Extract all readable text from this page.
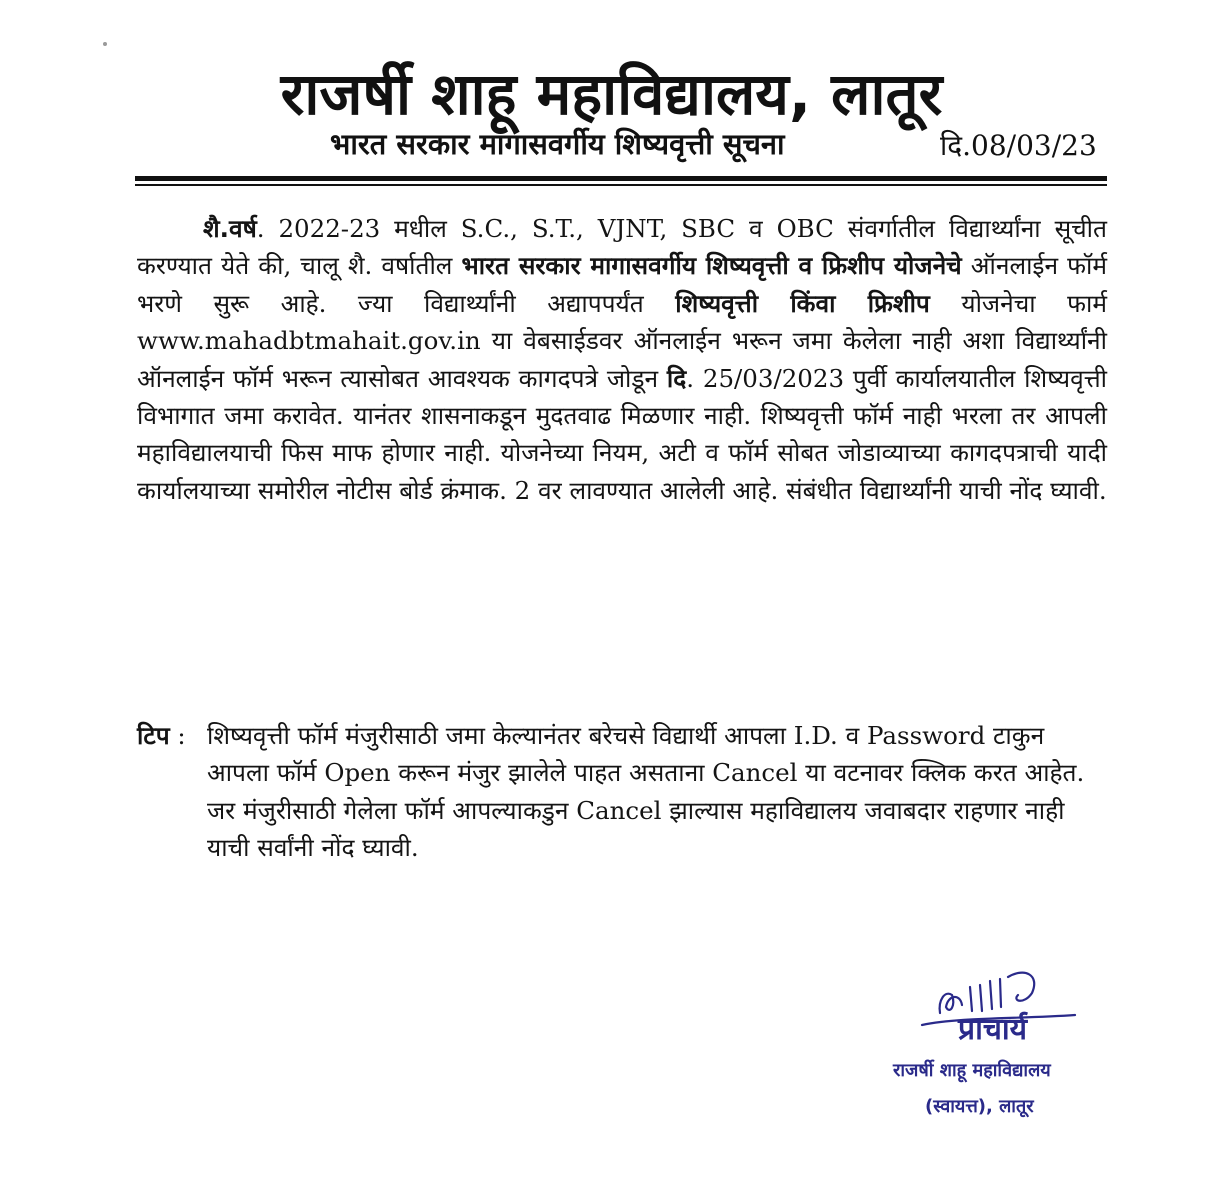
राजर्षी शाहू महाविद्यालय, लातूर
भारत सरकार मागासवर्गीय शिष्यवृत्ती सूचना	दि.08/03/23
शै.वर्ष. 2022-23 मधील S.C., S.T., VJNT, SBC व OBC संवर्गातील विद्यार्थ्यांना सूचीत करण्यात येते की, चालू शै. वर्षातील भारत सरकार मागासवर्गीय शिष्यवृत्ती व फ्रिशीप योजनेचे ऑनलाईन फॉर्म भरणे सुरू आहे. ज्या विद्यार्थ्यांनी अद्यापपर्यंत शिष्यवृत्ती किंवा फ्रिशीप योजनेचा फार्म www.mahadbtmahait.gov.in या वेबसाईडवर ऑनलाईन भरून जमा केलेला नाही अशा विद्यार्थ्यांनी ऑनलाईन फॉर्म भरून त्यासोबत आवश्यक कागदपत्रे जोडून दि. 25/03/2023 पुर्वी कार्यालयातील शिष्यवृत्ती विभागात जमा करावेत. यानंतर शासनाकडून मुदतवाढ मिळणार नाही. शिष्यवृत्ती फॉर्म नाही भरला तर आपली महाविद्यालयाची फिस माफ होणार नाही. योजनेच्या नियम, अटी व फॉर्म सोबत जोडाव्याच्या कागदपत्राची यादी कार्यालयाच्या समोरील नोटीस बोर्ड क्रंमाक. 2 वर लावण्यात आलेली आहे. संबंधीत विद्यार्थ्यांनी याची नोंद घ्यावी.
टिप : शिष्यवृत्ती फॉर्म मंजुरीसाठी जमा केल्यानंतर बरेचसे विद्यार्थी आपला I.D. व Password टाकुन आपला फॉर्म Open करून मंजुर झालेले पाहत असताना Cancel या वटनावर क्लिक करत आहेत. जर मंजुरीसाठी गेलेला फॉर्म आपल्याकडुन Cancel झाल्यास महाविद्यालय जवाबदार राहणार नाही याची सर्वांनी नोंद घ्यावी.
प्राचार्य
राजर्षी शाहू महाविद्यालय
(स्वायत्त), लातूर
